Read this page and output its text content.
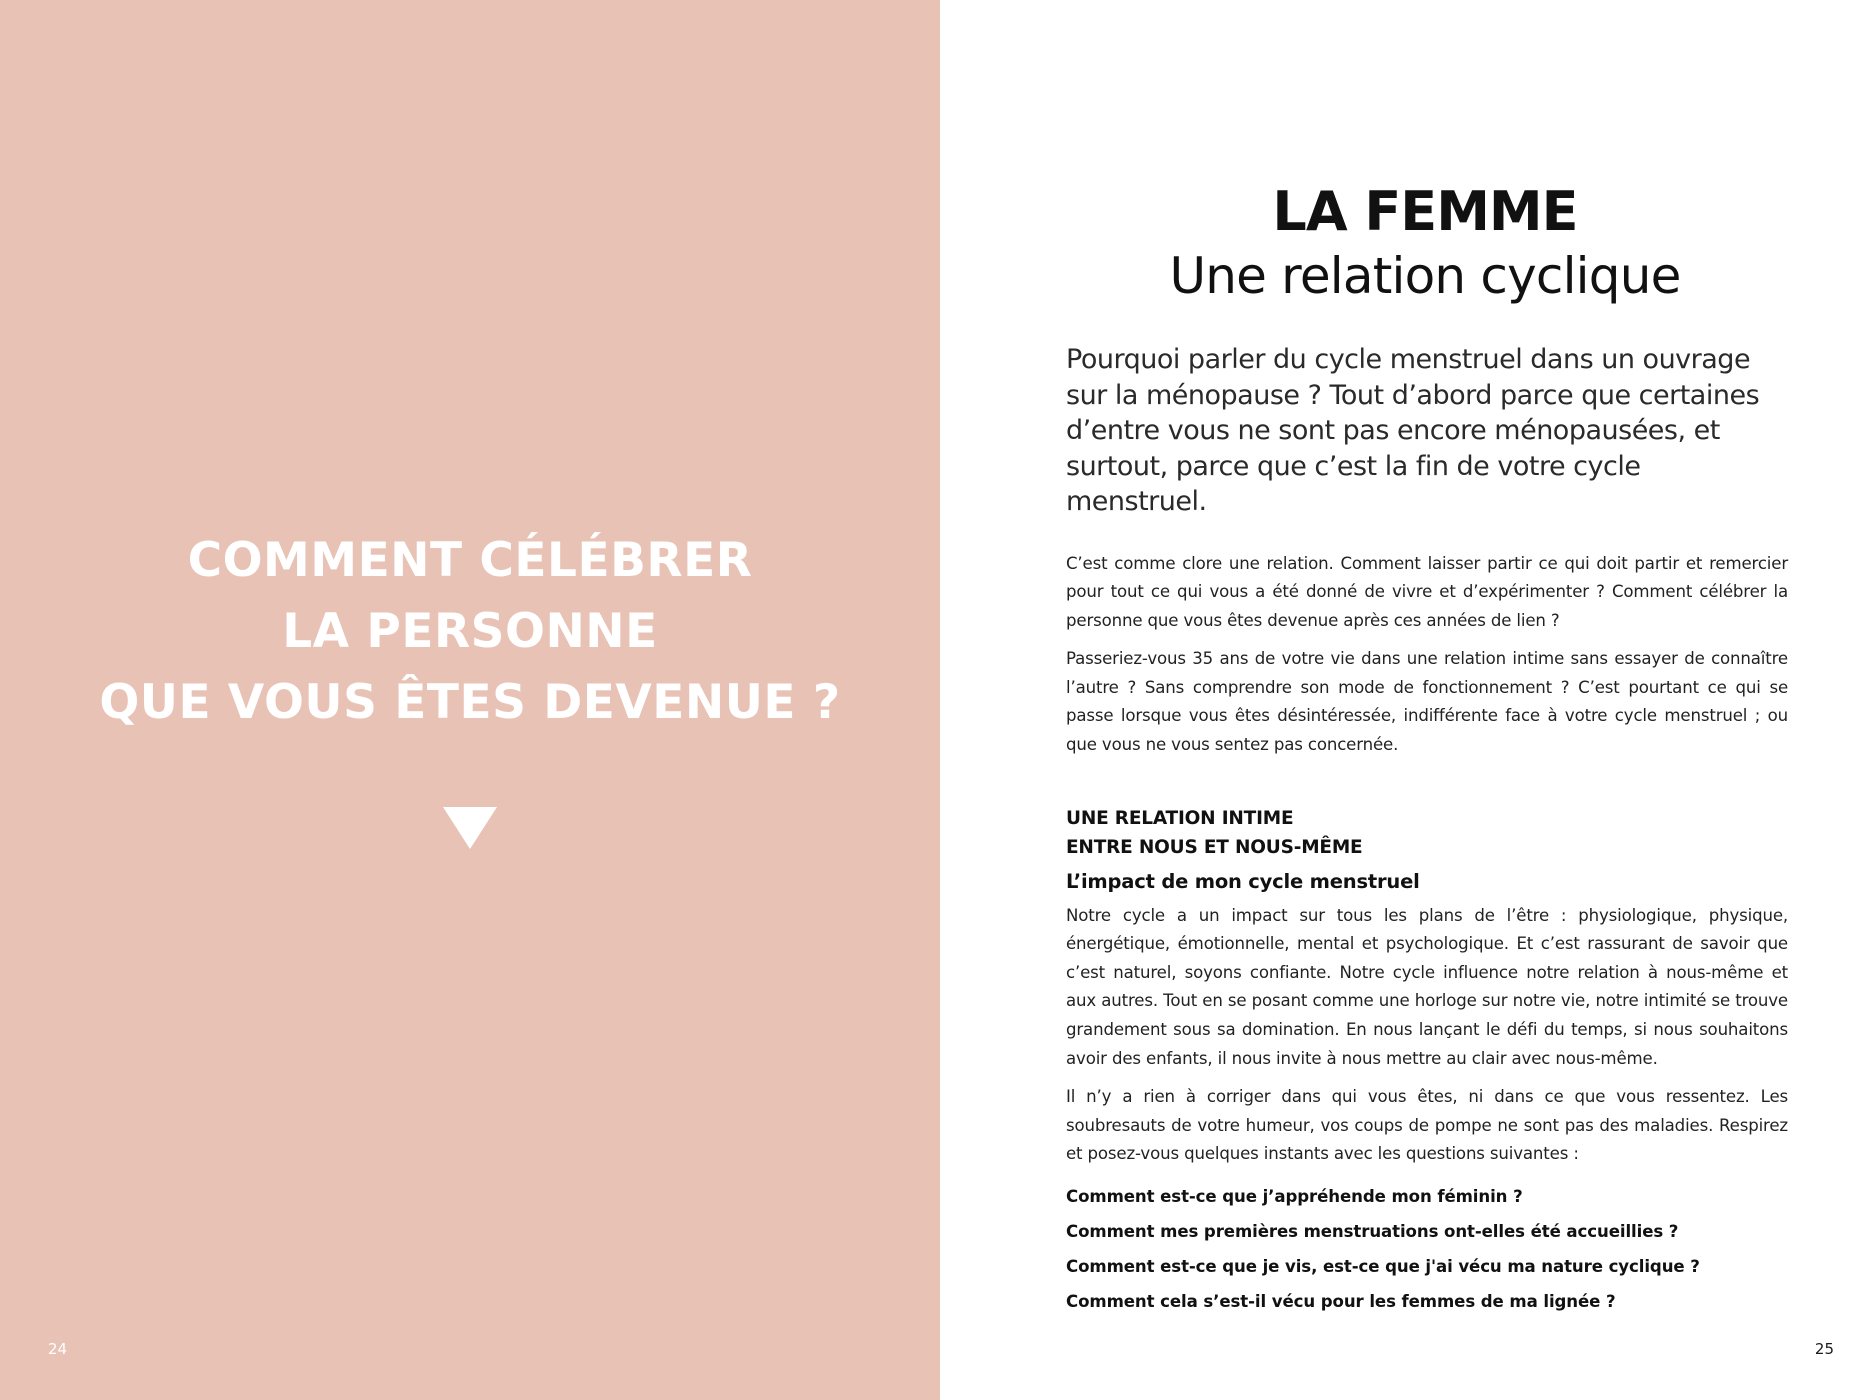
COMMENT CÉLÉBRER
LA PERSONNE
QUE VOUS ÊTES DEVENUE ?
24	25
LA FEMME
Une relation cyclique

Pourquoi parler du cycle menstruel dans un ouvrage sur la ménopause ? Tout d’abord parce que certaines d’entre vous ne sont pas encore ménopausées, et surtout, parce que c’est la fin de votre cycle menstruel.

C’est comme clore une relation. Comment laisser partir ce qui doit partir et remercier pour tout ce qui vous a été donné de vivre et d’expérimenter ? Comment célébrer la personne que vous êtes devenue après ces années de lien ?

Passeriez-vous 35 ans de votre vie dans une relation intime sans essayer de connaître l’autre ? Sans comprendre son mode de fonctionnement ? C’est pourtant ce qui se passe lorsque vous êtes désintéressée, indifférente face à votre cycle menstruel ; ou que vous ne vous sentez pas concernée.

UNE RELATION INTIME
ENTRE NOUS ET NOUS-MÊME
L’impact de mon cycle menstruel

Notre cycle a un impact sur tous les plans de l’être : physiologique, physique, énergétique, émotionnelle, mental et psychologique. Et c’est rassurant de savoir que c’est naturel, soyons confiante. Notre cycle influence notre relation à nous-même et aux autres. Tout en se posant comme une horloge sur notre vie, notre intimité se trouve grandement sous sa domination. En nous lançant le défi du temps, si nous souhaitons avoir des enfants, il nous invite à nous mettre au clair avec nous-même.

Il n’y a rien à corriger dans qui vous êtes, ni dans ce que vous ressentez. Les soubresauts de votre humeur, vos coups de pompe ne sont pas des maladies. Respirez et posez-vous quelques instants avec les questions suivantes :

Comment est-ce que j’appréhende mon féminin ?
Comment mes premières menstruations ont-elles été accueillies ?
Comment est-ce que je vis, est-ce que j'ai vécu ma nature cyclique ?
Comment cela s’est-il vécu pour les femmes de ma lignée ?
